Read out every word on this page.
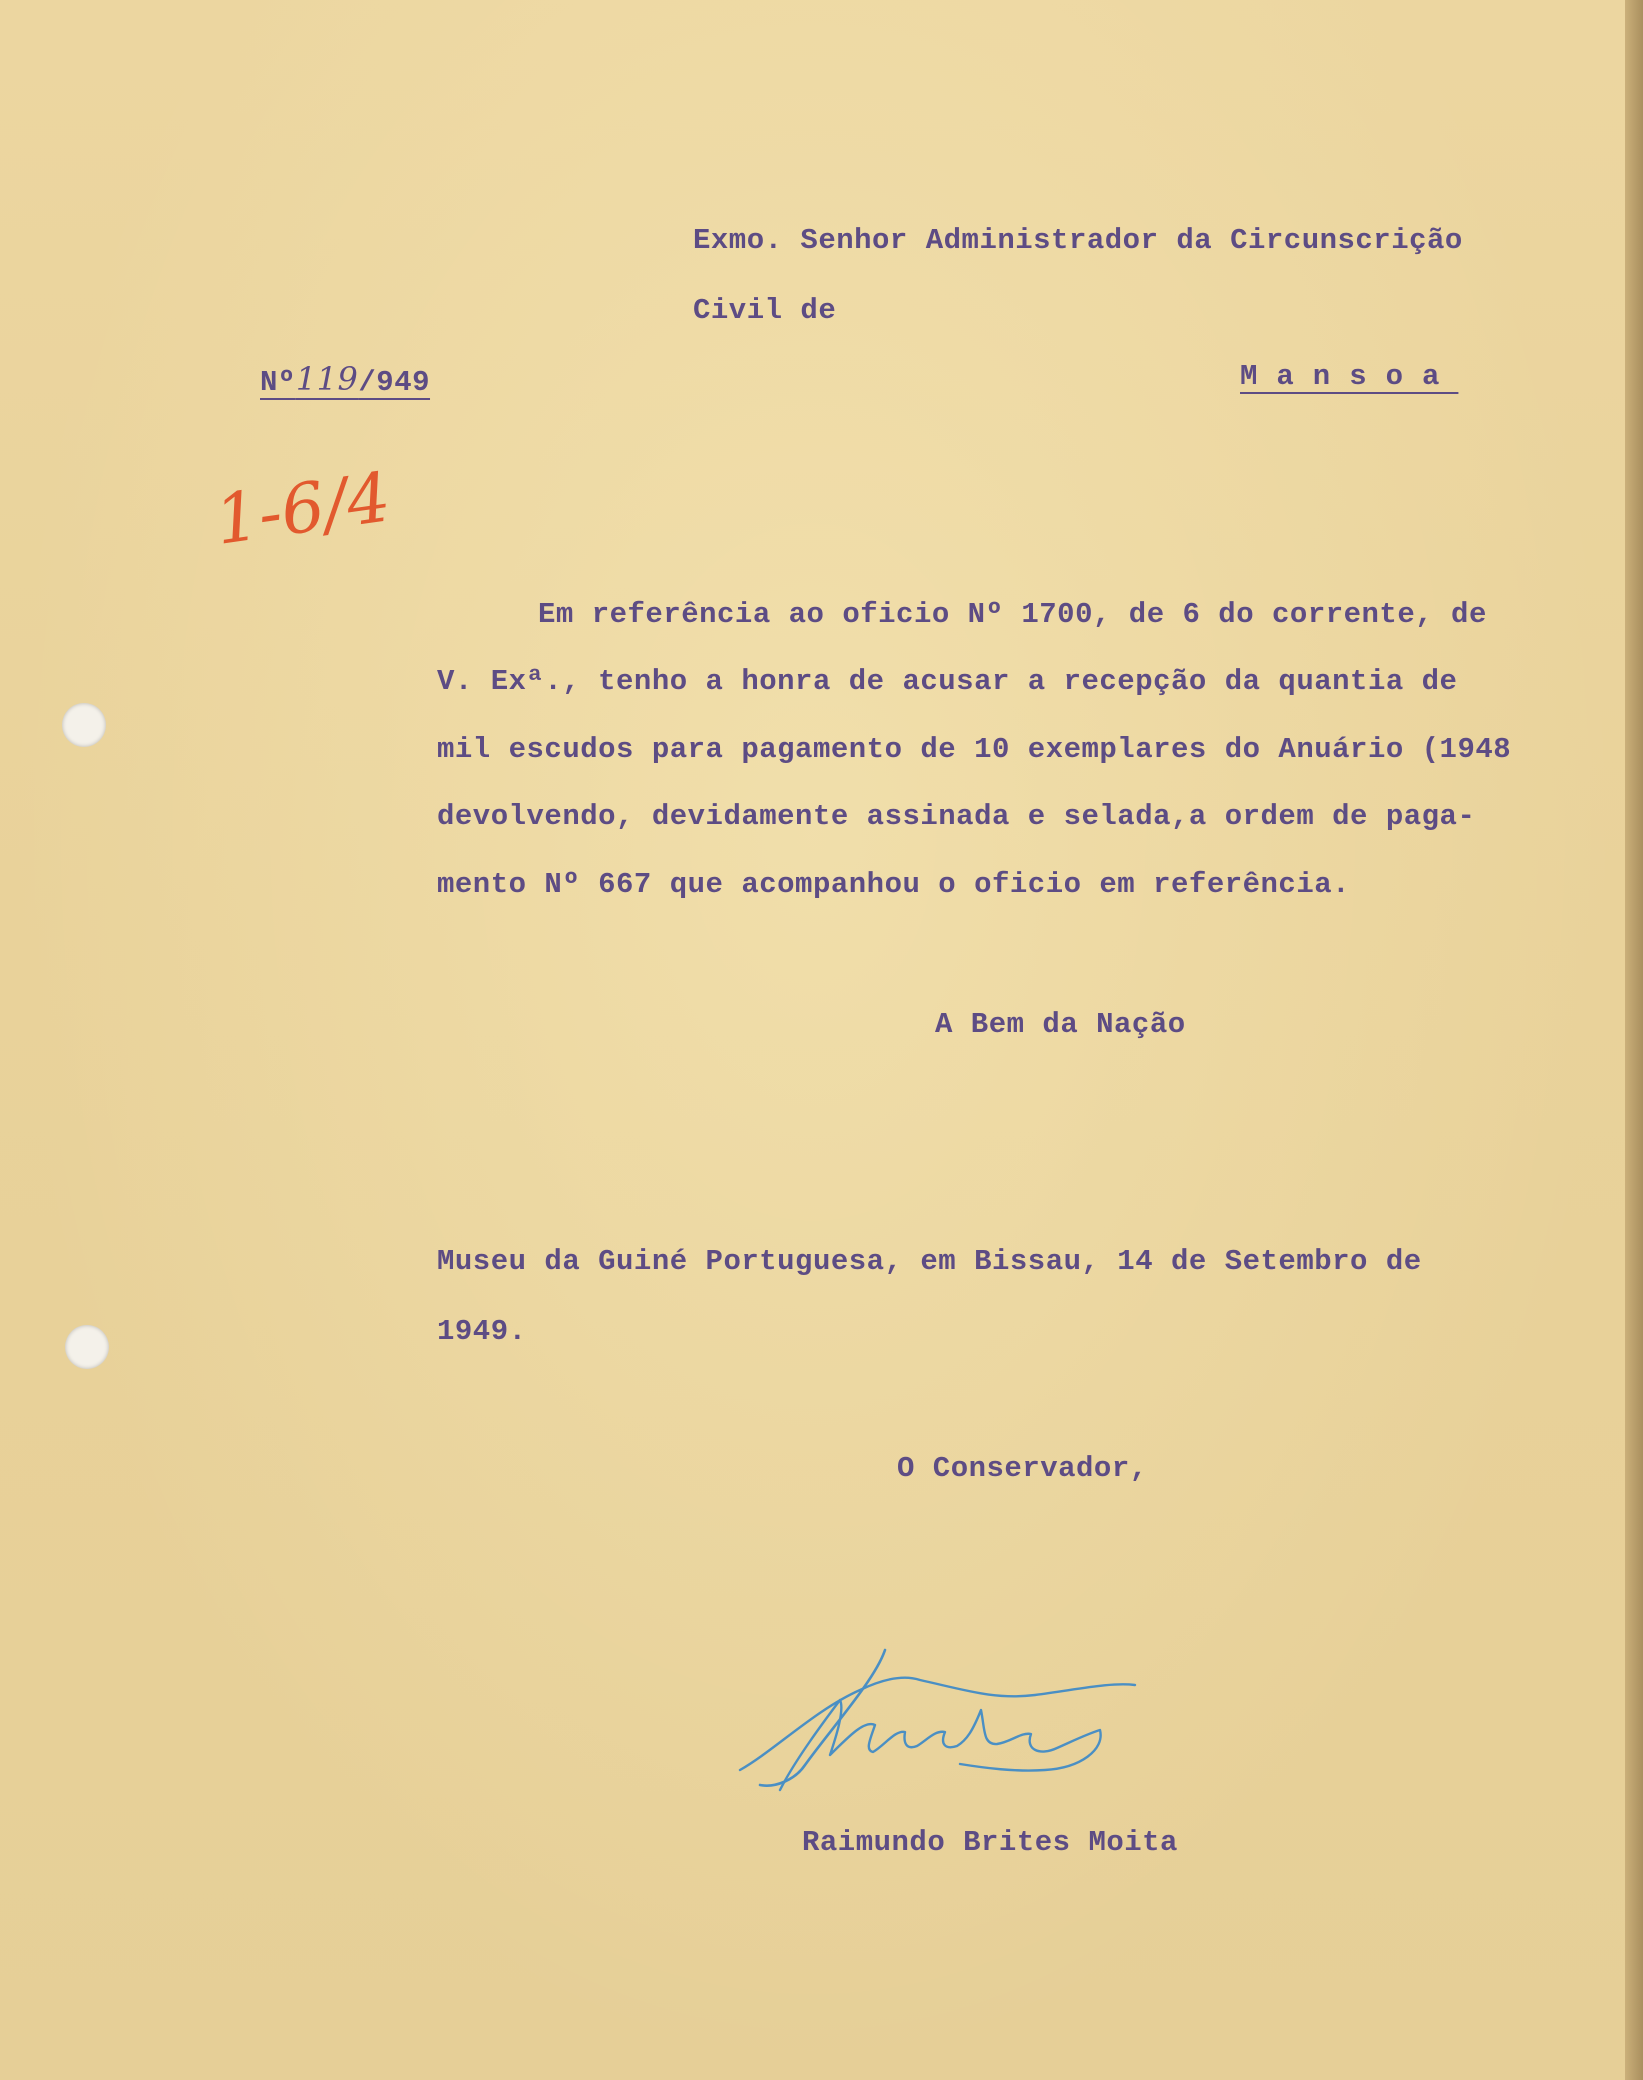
Exmo. Senhor Administrador da Circunscrição

Civil de

Nº119/949	Mansoa

1-6/4

Em referência ao oficio Nº 1700, de 6 do corrente, de

V. Exª., tenho a honra de acusar a recepção da quantia de

mil escudos para pagamento de 10 exemplares do Anuário (1948

devolvendo, devidamente assinada e selada,a ordem de paga-

mento Nº 667 que acompanhou o oficio em referência.

A Bem da Nação

Museu da Guiné Portuguesa, em Bissau, 14 de Setembro de

1949.

O Conservador,

Raimundo Brites Moita
